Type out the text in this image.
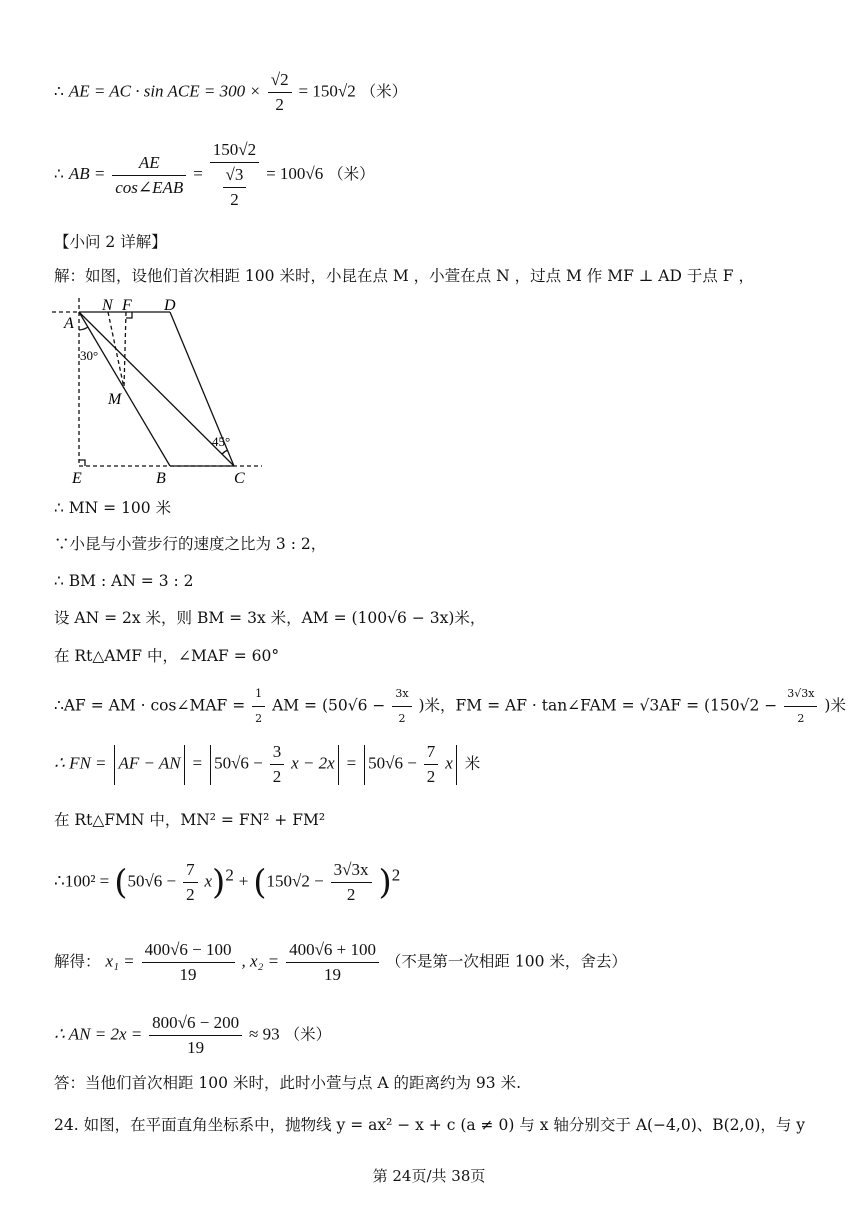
∴ AE = AC · sin ACE = $300 \times \frac{√2}{2} = 150√2$ （米）
∴ AB = $\frac{AE}{\text{cos∠EAB}} = \frac{150√2}{\frac{√3}{2}} = 100√6$ （米）
【小问 2 详解】
解：如图，设他们首次相距 100 米时，小昆在点 M ，小萱在点 N ，过点 M 作 MF ⊥ AD 于点 F ，
A
N F D
30°
M
45°
E	B	C
∴ MN = 100 米
∵小昆与小萱步行的速度之比为 3 : 2，
∴ BM : AN = 3 : 2
设 AN = 2x 米，则 BM = 3x 米，AM = (100√6 − 3x)米，
在 Rt△AMF 中，∠MAF = 60°
∴AF = AM · cos∠MAF = $\frac{1}{2}$ AM = ($50√6 - \frac{3x}{2}$ )米，FM = AF · tan∠FAM = $√3AF = (150√2 - \frac{3√3x}{2}$ )米
∴ FN = AF − AN = $50√6 - \frac{3}{2}$ $x - 2x = 50√6 - \frac{7}{2}$ x 米
在 Rt△FMN 中，MN² = FN² + FM²
∴100² = $(50√6 - \frac{7}{2} x)^2 + (150√2 - \frac{3√3x}{2} )^2$
解得： $x_1 = \frac{400√6 - 100}{19}$ , $x_2 = \frac{400√6 + 100}{19}$ （不是第一次相距 100 米，舍去）
∴ AN = $2x = \frac{800√6 - 200}{19} \approx 93$ （米）
答：当他们首次相距 100 米时，此时小萱与点 A 的距离约为 93 米.
24. 如图，在平面直角坐标系中，抛物线 y = ax² − x + c (a ≠ 0) 与 x 轴分别交于 A(−4,0)、B(2,0)，与 y
第 24页/共 38页
